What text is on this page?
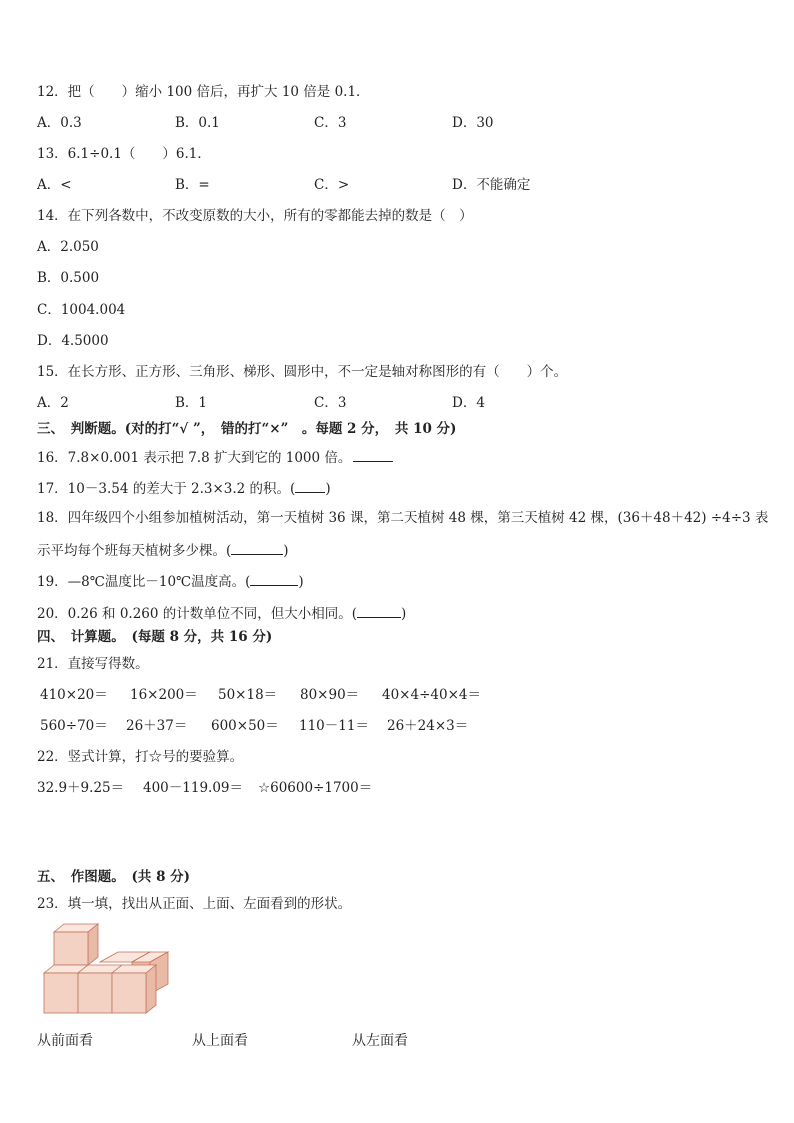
12．把（　　）缩小 100 倍后，再扩大 10 倍是 0.1．
A．0.3	B．0.1	C．3	D．30
13．6.1÷0.1（　　）6.1．
A．<	B．=	C．>	D．不能确定
14．在下列各数中，不改变原数的大小，所有的零都能去掉的数是（　）
A．2.050
B．0.500
C．1004.004
D．4.5000
15．在长方形、正方形、三角形、梯形、圆形中，不一定是轴对称图形的有（　　）个。
A．2	B．1	C．3	D．4
三、　判断题。(对的打“√ ”，　错的打“×”　。每题 2 分，　共 10 分)
16．7.8×0.001 表示把 7.8 扩大到它的 1000 倍。
17．10－3.54 的差大于 2.3×3.2 的积。( )
18．四年级四个小组参加植树活动，第一天植树 36 课，第二天植树 48 棵，第三天植树 42 棵，(36＋48＋42) ÷4÷3 表
示平均每个班每天植树多少棵。(	)
19．—8℃温度比－10℃温度高。(	)
20．0.26 和 0.260 的计数单位不同，但大小相同。(	)
四、　计算题。　(每题 8 分，共 16 分)
21．直接写得数。
410×20＝ 16×200＝ 50×18＝ 80×90＝ 40×4÷40×4＝
560÷70＝ 26＋37＝ 600×50＝ 110－11＝ 26＋24×3＝
22．竖式计算，打☆号的要验算。
32.9＋9.25＝ 400－119.09＝ ☆60600÷1700＝
五、　作图题。　(共 8 分)
23．填一填，找出从正面、上面、左面看到的形状。
从前面看	从上面看	从左面看
